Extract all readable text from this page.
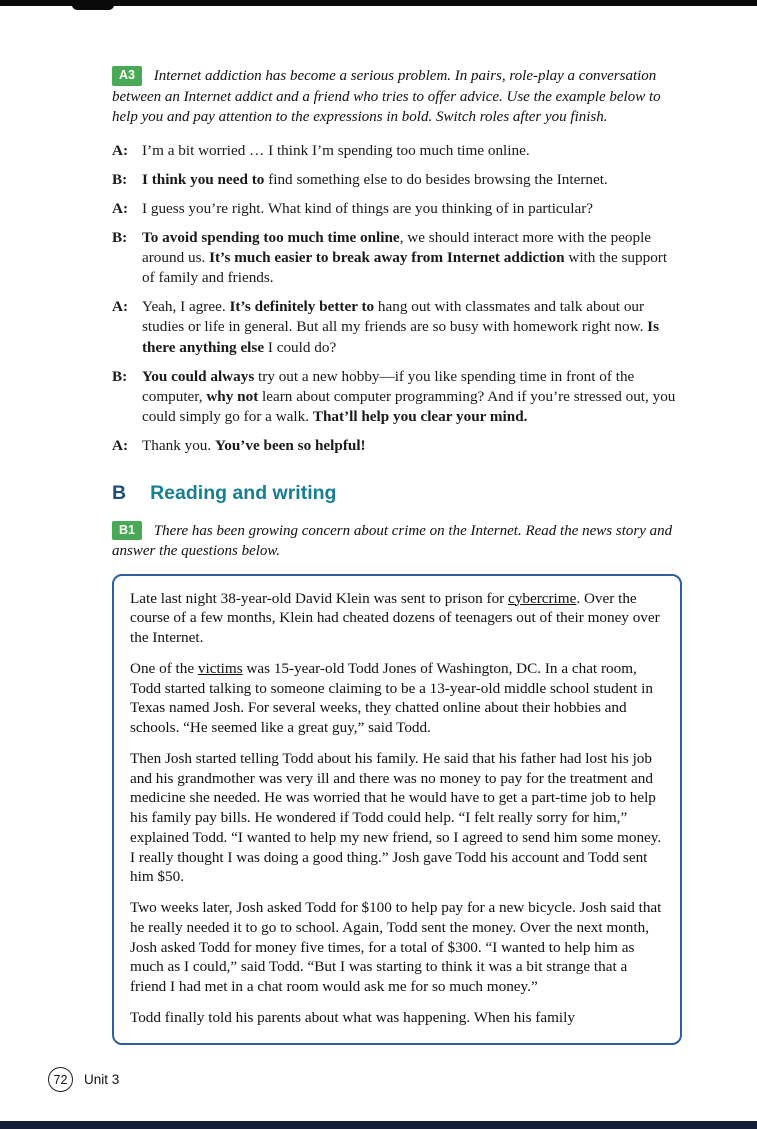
A3 Internet addiction has become a serious problem. In pairs, role-play a conversation between an Internet addict and a friend who tries to offer advice. Use the example below to help you and pay attention to the expressions in bold. Switch roles after you finish.

A: I’m a bit worried … I think I’m spending too much time online.
B: I think you need to find something else to do besides browsing the Internet.
A: I guess you’re right. What kind of things are you thinking of in particular?
B: To avoid spending too much time online, we should interact more with the people around us. It’s much easier to break away from Internet addiction with the support of family and friends.
A: Yeah, I agree. It’s definitely better to hang out with classmates and talk about our studies or life in general. But all my friends are so busy with homework right now. Is there anything else I could do?
B: You could always try out a new hobby—if you like spending time in front of the computer, why not learn about computer programming? And if you’re stressed out, you could simply go for a walk. That’ll help you clear your mind.
A: Thank you. You’ve been so helpful!
B Reading and writing

B1 There has been growing concern about crime on the Internet. Read the news story and answer the questions below.

Late last night 38-year-old David Klein was sent to prison for cybercrime. Over the course of a few months, Klein had cheated dozens of teenagers out of their money over the Internet.

One of the victims was 15-year-old Todd Jones of Washington, DC. In a chat room, Todd started talking to someone claiming to be a 13-year-old middle school student in Texas named Josh. For several weeks, they chatted online about their hobbies and schools. “He seemed like a great guy,” said Todd.

Then Josh started telling Todd about his family. He said that his father had lost his job and his grandmother was very ill and there was no money to pay for the treatment and medicine she needed. He was worried that he would have to get a part-time job to help his family pay bills. He wondered if Todd could help. “I felt really sorry for him,” explained Todd. “I wanted to help my new friend, so I agreed to send him some money. I really thought I was doing a good thing.” Josh gave Todd his account and Todd sent him $50.

Two weeks later, Josh asked Todd for $100 to help pay for a new bicycle. Josh said that he really needed it to go to school. Again, Todd sent the money. Over the next month, Josh asked Todd for money five times, for a total of $300. “I wanted to help him as much as I could,” said Todd. “But I was starting to think it was a bit strange that a friend I had met in a chat room would ask me for so much money.”

Todd finally told his parents about what was happening. When his family

72	Unit 3
